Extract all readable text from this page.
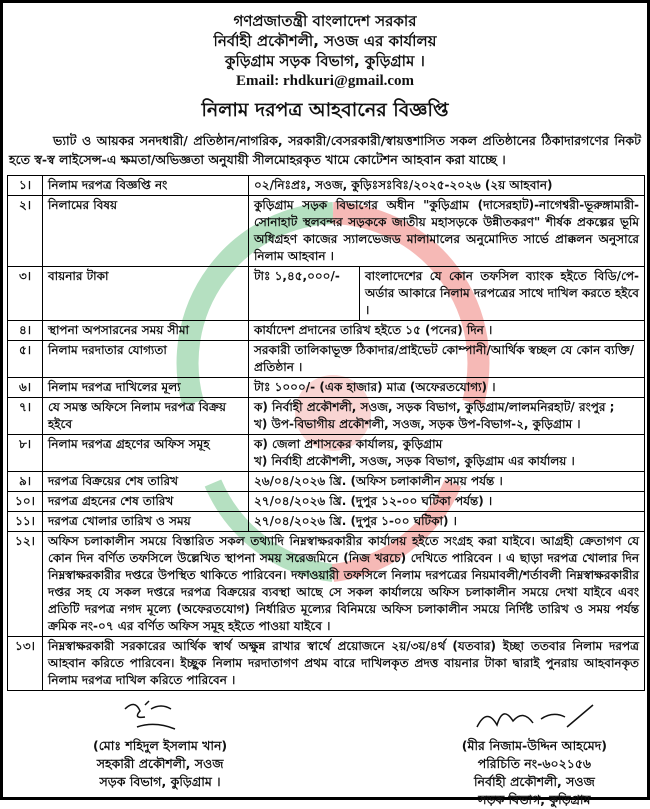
গণপ্রজাতন্ত্রী বাংলাদেশ সরকার
নির্বাহী প্রকৌশলী, সওজ এর কার্যালয়
কুড়িগ্রাম সড়ক বিভাগ, কুড়িগ্রাম ।
Email: rhdkuri@gmail.com
নিলাম দরপত্র আহবানের বিজ্ঞপ্তি
ভ্যাট ও আয়কর সনদধারী/ প্রতিষ্ঠান/নাগরিক, সরকারী/বেসরকারী/স্বায়ত্তশাসিত সকল প্রতিষ্ঠানের ঠিকাদারগণের নিকট হতে স্ব-স্ব লাইসেন্স-এ ক্ষমতা/অভিজ্ঞতা অনুযায়ী সীলমোহরকৃত খামে কোটেশন আহবান করা যাচ্ছে ।
১।	নিলাম দরপত্র বিজ্ঞপ্তি নং	০২/নিঃপ্রঃ, সওজ, কুড়িঃসঃবিঃ/২০২৫-২০২৬ (২য় আহবান)	
২।	নিলামের বিষয়	কুড়িগ্রাম সড়ক বিভাগের অধীন "কুড়িগ্রাম (দাসেরহাট)-নাগেশ্বরী-ভূরুঙ্গামারী- সোনাহাট স্থলবন্দর সড়ককে জাতীয় মহাসড়কে উন্নীতকরণ" শীর্ষক প্রকল্পের ভূমি অধিগ্রহণ কাজের স্যালভেজড মালামালের অনুমোদিত সার্ভে প্রাক্কলন অনুসারে নিলাম আহবান ।	
৩।	বায়নার টাকা	টাঃ ১,৪৫,০০০/-	বাংলাদেশের যে কোন তফসিল ব্যাংক হইতে বিডি/পে-অর্ডার আকারে নিলাম দরপত্রের সাথে দাখিল করতে হইবে ।
৪।	স্থাপনা অপসারনের সময় সীমা	কার্যাদেশ প্রদানের তারিখ হইতে ১৫ (পনের) দিন ।	
৫।	নিলাম দরদাতার যোগ্যতা	সরকারী তালিকাভূক্ত ঠিকাদার/প্রাইভেট কোম্পানী/আর্থিক স্বচ্ছল যে কোন ব্যক্তি/ প্রতিষ্ঠান ।	
৬।	নিলাম দরপত্র দাখিলের মূল্য	টাঃ ১০০০/- (এক হাজার) মাত্র (অফেরতযোগ্য) ।	
৭।	যে সমস্ত অফিসে নিলাম দরপত্র বিক্রয় হইবে	ক) নির্বাহী প্রকৌশলী, সওজ, সড়ক বিভাগ, কুড়িগ্রাম/লালমনিরহাট/ রংপুর ;
খ) উপ-বিভাগীয় প্রকৌশলী, সওজ, সড়ক উপ-বিভাগ-২, কুড়িগ্রাম ।	

৮।	নিলাম দরপত্র গ্রহণের অফিস সমূহ	ক) জেলা প্রশাসকের কার্যালয়, কুড়িগ্রাম
খ) নির্বাহী প্রকৌশলী, সওজ, সড়ক বিভাগ, কুড়িগ্রাম এর কার্যালয় ।	

৯।	দরপত্র বিক্রয়ের শেষ তারিখ	২৬/০৪/২০২৬ খ্রি. (অফিস চলাকালীন সময় পর্যন্ত ।	
১০।	দরপত্র গ্রহনের শেষ তারিখ	২৭/০৪/২০২৬ খ্রি. (দুপুর ১২-০০ ঘটিকা পর্যন্ত) ।	
১১।	দরপত্র খোলার তারিখ ও সময়	২৭/০৪/২০২৬ খ্রি. (দুপুর ১-০০ ঘটিকা) ।	
১২।	অফিস চলাকালীন সময়ে বিস্তারিত সকল তথ্যাদি নিম্নস্বাক্ষরকারীর কার্যালয় হইতে সংগ্রহ করা যাইবে। আগ্রহী ক্রেতাগণ যে কোন দিন বর্ণিত তফসিলে উল্লেখিত স্থাপনা সময় সরেজমিনে (নিজ খরচে) দেখিতে পারিবেন । এ ছাড়া দরপত্র খোলার দিন নিম্নস্বাক্ষরকারীর দপ্তরে উপস্থিত থাকিতে পারিবেন। দফাওয়ারী তফসিলে নিলাম দরপত্রের নিয়মাবলী/শর্তাবলী নিম্নস্বাক্ষরকারীর দপ্তর সহ যে সকল দপ্তরে দরপত্র বিক্রয়ের ব্যবস্থা আছে সে সকল কার্যালয়ে অফিস চলাকালীন সময়ে দেখা যাইবে এবং প্রতিটি দরপত্র নগদ মূল্যে (অফেরতযোগ) নির্ধারিত মূল্যের বিনিময়ে অফিস চলাকালীন সময়ে নির্দিষ্ট তারিখ ও সময় পর্যন্ত ক্রমিক নং-০৭ এর বর্ণিত অফিস সমূহ হইতে পাওয়া যাইবে ।		
১৩।	নিম্নস্বাক্ষরকারী সরকারের আর্থিক স্বার্থ অক্ষুন্ন রাখার স্বার্থে প্রয়োজনে ২য়/৩য়/৪র্থ (যতবার) ইচ্ছা ততবার নিলাম দরপত্র আহবান করিতে পারিবেন। ইচ্ছুক নিলাম দরদাতাগণ প্রথম বারে দাখিলকৃত প্রদত্ত বায়নার টাকা দ্বারাই পুনরায় আহবানকৃত নিলাম দরপত্র দাখিল করিতে পারিবেন ।		
(মোঃ শহিদুল ইসলাম খান)
সহকারী প্রকৌশলী, সওজ
সড়ক বিভাগ, কুড়িগ্রাম ।
(মীর নিজাম-উদ্দিন আহমেদ)
পরিচিতি নং-৬০২১৫৬
নির্বাহী প্রকৌশলী, সওজ
সড়ক বিভাগ, কুড়িগ্রাম
